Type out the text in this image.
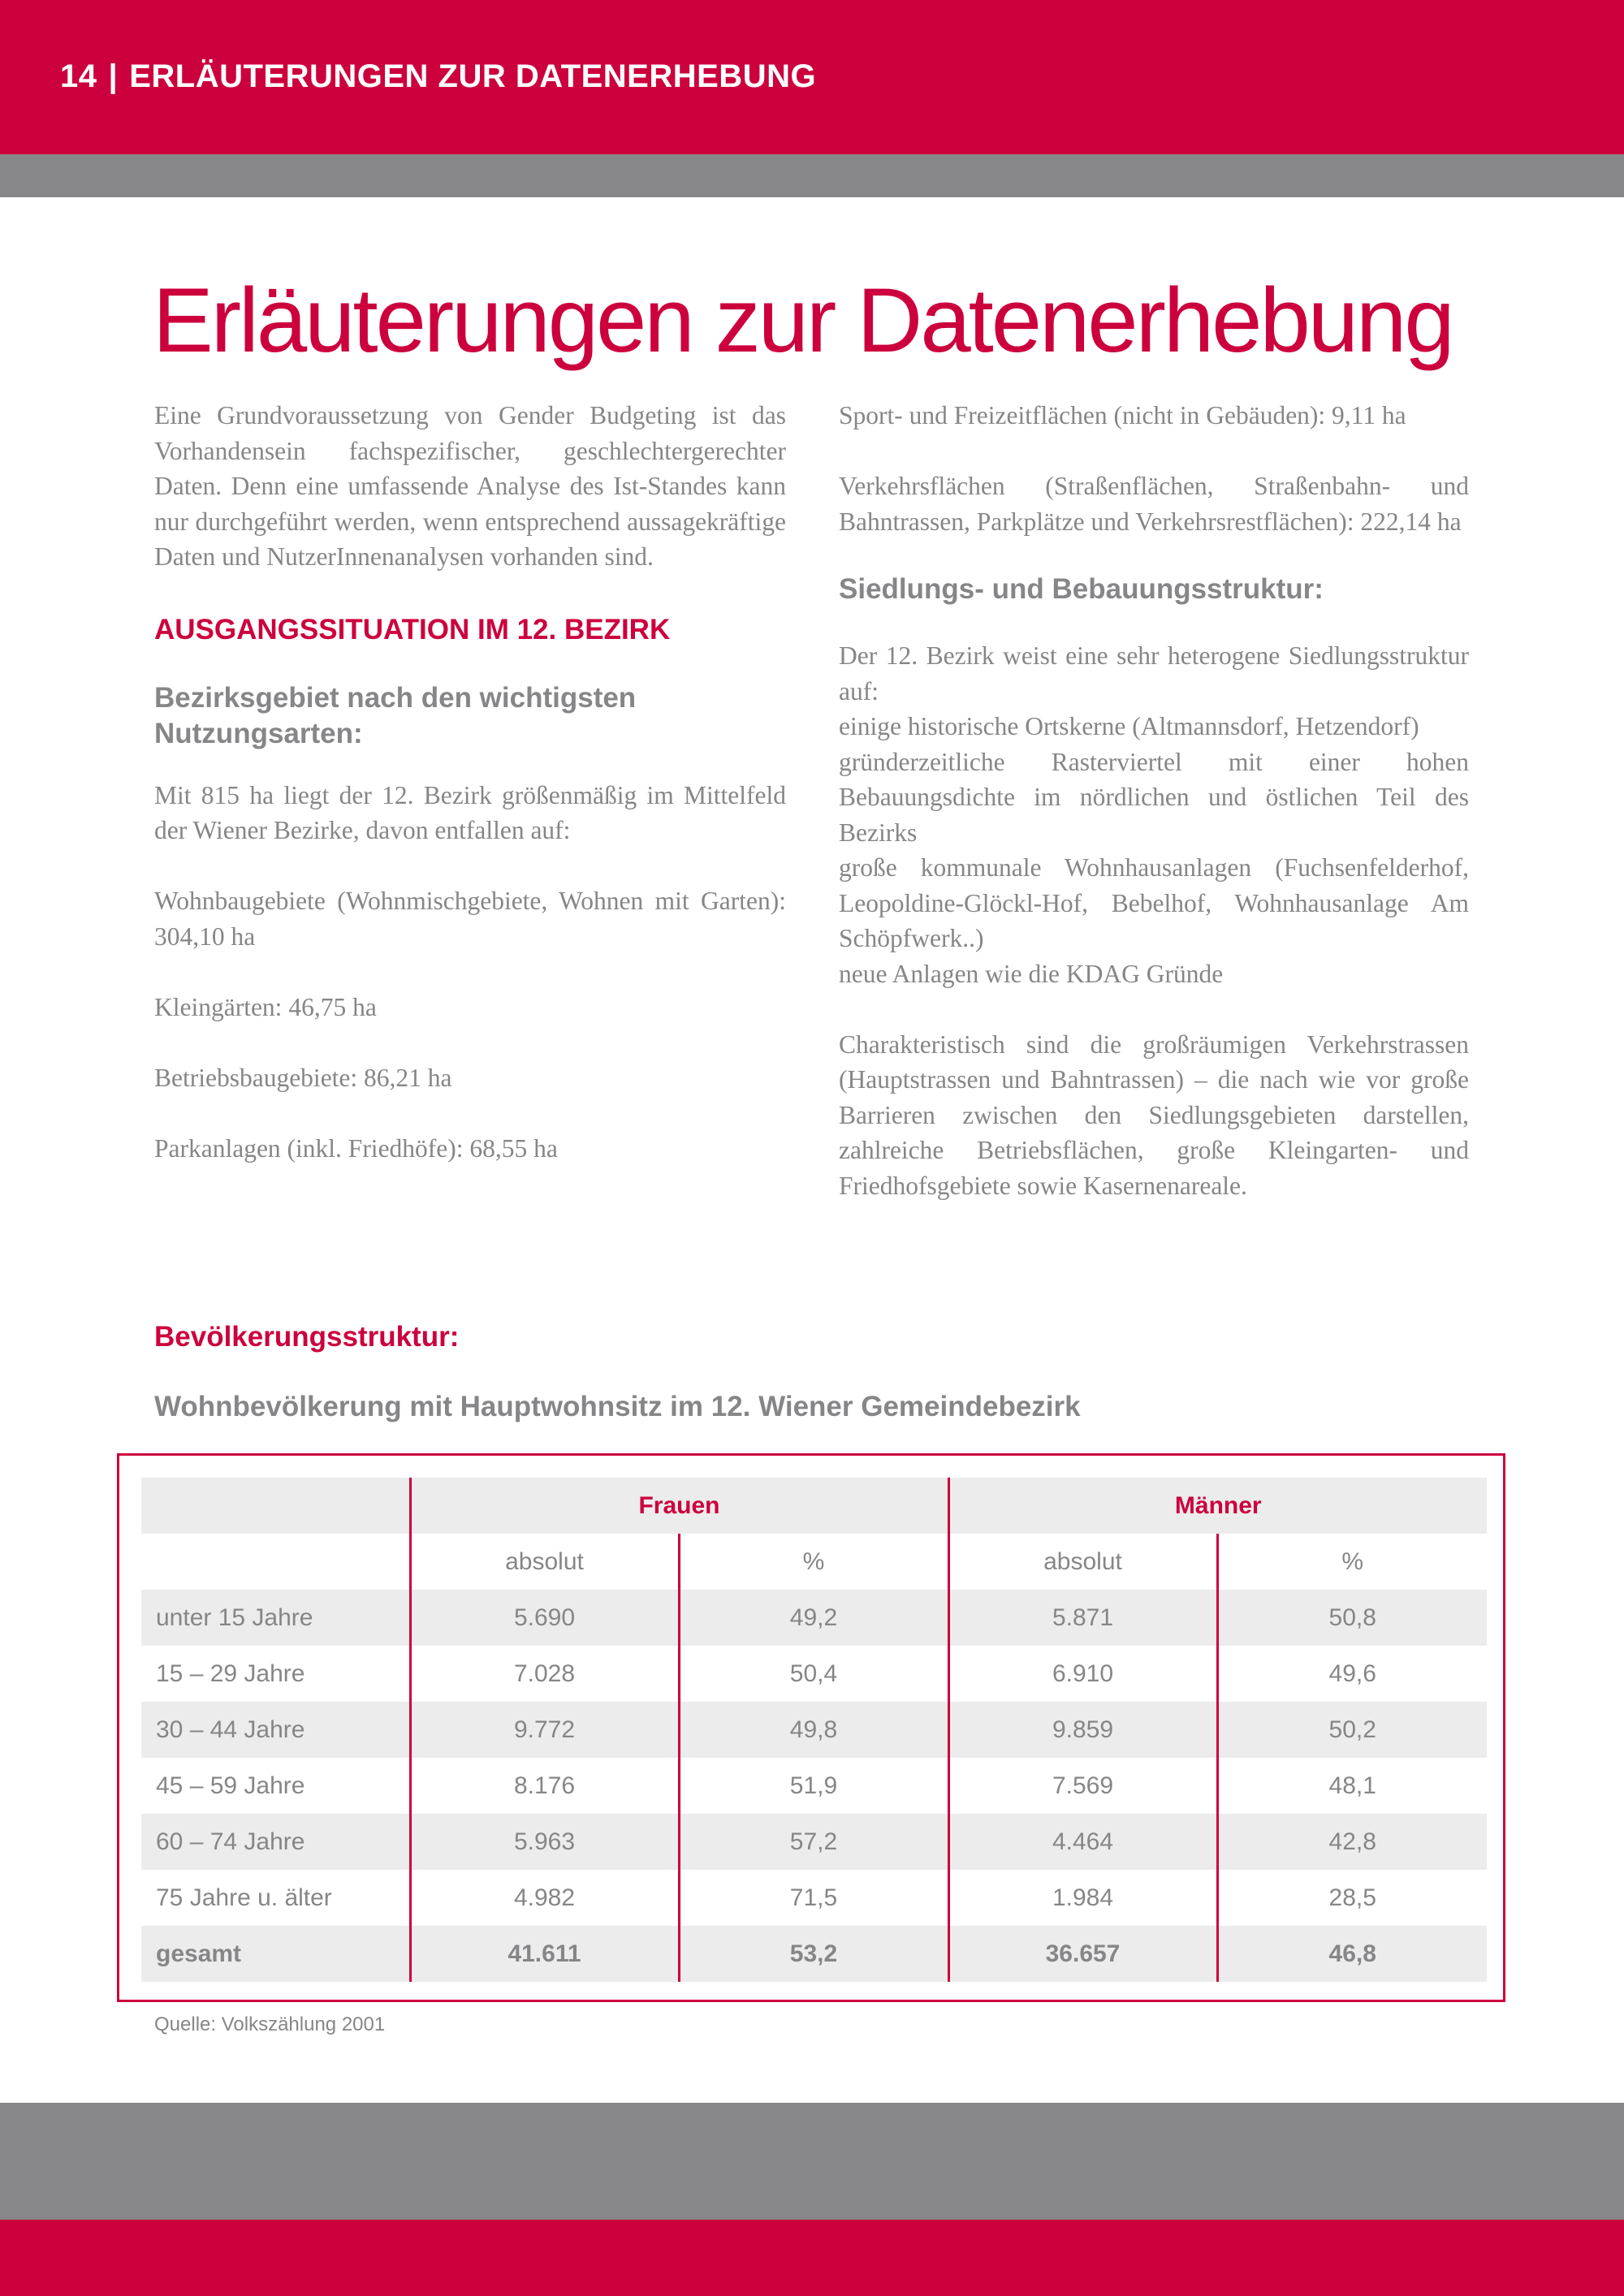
14 | ERLÄUTERUNGEN ZUR DATENERHEBUNG
Erläuterungen zur Datenerhebung

Eine Grundvoraussetzung von Gender Budgeting ist das Vorhandensein fachspezifischer, geschlechtergerechter Daten. Denn eine umfassende Analyse des Ist-Standes kann nur durchgeführt werden, wenn entsprechend aussagekräftige Daten und NutzerInnenanalysen vorhanden sind.

AUSGANGSSITUATION IM 12. BEZIRK
Bezirksgebiet nach den wichtigsten Nutzungsarten:

Mit 815 ha liegt der 12. Bezirk größenmäßig im Mittelfeld der Wiener Bezirke, davon entfallen auf:

Wohnbaugebiete (Wohnmischgebiete, Wohnen mit Garten): 304,10 ha

Kleingärten: 46,75 ha

Betriebsbaugebiete: 86,21 ha

Parkanlagen (inkl. Friedhöfe): 68,55 ha

Sport- und Freizeitflächen (nicht in Gebäuden): 9,11 ha

Verkehrsflächen (Straßenflächen, Straßenbahn- und Bahntrassen, Parkplätze und Verkehrsrestflächen): 222,14 ha

Siedlungs- und Bebauungsstruktur:

Der 12. Bezirk weist eine sehr heterogene Siedlungsstruktur auf:

einige historische Ortskerne (Altmannsdorf, Hetzendorf)

gründerzeitliche Rasterviertel mit einer hohen Bebauungsdichte im nördlichen und östlichen Teil des Bezirks

große kommunale Wohnhausanlagen (Fuchsenfelderhof, Leopoldine-Glöckl-Hof, Bebelhof, Wohnhausanlage Am Schöpfwerk..)

neue Anlagen wie die KDAG Gründe

Charakteristisch sind die großräumigen Verkehrstrassen (Hauptstrassen und Bahntrassen) – die nach wie vor große Barrieren zwischen den Siedlungsgebieten darstellen, zahlreiche Betriebsflächen, große Kleingarten- und Friedhofsgebiete sowie Kasernenareale.

Bevölkerungsstruktur:
Wohnbevölkerung mit Hauptwohnsitz im 12. Wiener Gemeindebezirk
	Frauen		Männer	
	absolut	%	absolut	%
unter 15 Jahre	5.690	49,2	5.871	50,8
15 – 29 Jahre	7.028	50,4	6.910	49,6
30 – 44 Jahre	9.772	49,8	9.859	50,2
45 – 59 Jahre	8.176	51,9	7.569	48,1
60 – 74 Jahre	5.963	57,2	4.464	42,8
75 Jahre u. älter	4.982	71,5	1.984	28,5
gesamt	41.611	53,2	36.657	46,8
Quelle: Volkszählung 2001
